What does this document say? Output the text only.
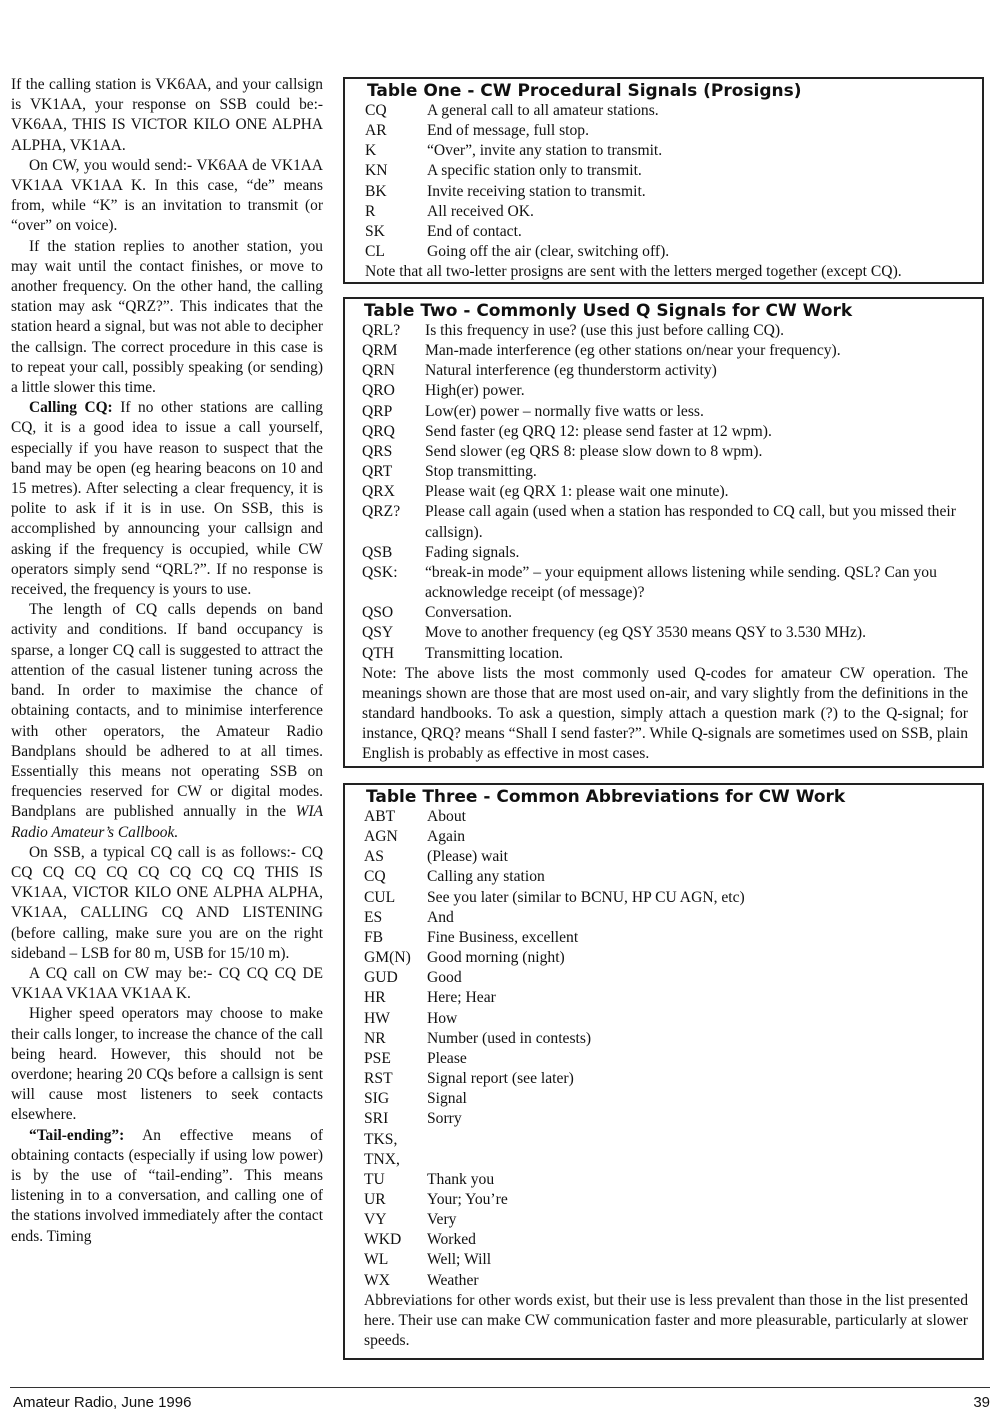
If the calling station is VK6AA, and your callsign is VK1AA, your response on SSB could be:- VK6AA, THIS IS VICTOR KILO ONE ALPHA ALPHA, VK1AA.

On CW, you would send:- VK6AA de VK1AA VK1AA VK1AA K. In this case, “de” means from, while “K” is an invitation to transmit (or “over” on voice).

If the station replies to another station, you may wait until the contact finishes, or move to another frequency. On the other hand, the calling station may ask “QRZ?”. This indicates that the station heard a signal, but was not able to decipher the callsign. The correct procedure in this case is to repeat your call, possibly speaking (or sending) a little slower this time.

Calling CQ: If no other stations are calling CQ, it is a good idea to issue a call yourself, especially if you have reason to suspect that the band may be open (eg hearing beacons on 10 and 15 metres). After selecting a clear frequency, it is polite to ask if it is in use. On SSB, this is accomplished by announcing your callsign and asking if the frequency is occupied, while CW operators simply send “QRL?”. If no response is received, the frequency is yours to use.

The length of CQ calls depends on band activity and conditions. If band occupancy is sparse, a longer CQ call is suggested to attract the attention of the casual listener tuning across the band. In order to maximise the chance of obtaining contacts, and to minimise interference with other operators, the Amateur Radio Bandplans should be adhered to at all times. Essentially this means not operating SSB on frequencies reserved for CW or digital modes. Bandplans are published annually in the WIA Radio Amateur’s Callbook.

On SSB, a typical CQ call is as follows:- CQ CQ CQ CQ CQ CQ CQ CQ CQ THIS IS VK1AA, VICTOR KILO ONE ALPHA ALPHA, VK1AA, CALLING CQ AND LISTENING (before calling, make sure you are on the right sideband – LSB for 80 m, USB for 15/10 m).

A CQ call on CW may be:- CQ CQ CQ DE VK1AA VK1AA VK1AA K.

Higher speed operators may choose to make their calls longer, to increase the chance of the call being heard. However, this should not be overdone; hearing 20 CQs before a callsign is sent will cause most listeners to seek contacts elsewhere.

“Tail-ending”: An effective means of obtaining contacts (especially if using low power) is by the use of “tail-ending”. This means listening in to a conversation, and calling one of the stations involved immediately after the contact ends. Timing

Table One - CW Procedural Signals (Prosigns)
CQ	A general call to all amateur stations.
AR	End of message, full stop.
K	“Over”, invite any station to transmit.
KN	A specific station only to transmit.
BK	Invite receiving station to transmit.
R	All received OK.
SK	End of contact.
CL	Going off the air (clear, switching off).
Note that all two-letter prosigns are sent with the letters merged together (except CQ).
Table Two - Commonly Used Q Signals for CW Work
QRL?	Is this frequency in use? (use this just before calling CQ).
QRM	Man-made interference (eg other stations on/near your frequency).
QRN	Natural interference (eg thunderstorm activity)
QRO	High(er) power.
QRP	Low(er) power – normally five watts or less.
QRQ	Send faster (eg QRQ 12: please send faster at 12 wpm).
QRS	Send slower (eg QRS 8: please slow down to 8 wpm).
QRT	Stop transmitting.
QRX	Please wait (eg QRX 1: please wait one minute).
QRZ?	Please call again (used when a station has responded to CQ call, but you missed their callsign).
QSB	Fading signals.
QSK:	“break-in mode” – your equipment allows listening while sending. QSL? Can you acknowledge receipt (of message)?
QSO	Conversation.
QSY	Move to another frequency (eg QSY 3530 means QSY to 3.530 MHz).
QTH	Transmitting location.
Note: The above lists the most commonly used Q-codes for amateur CW operation. The meanings shown are those that are most used on-air, and vary slightly from the definitions in the standard handbooks. To ask a question, simply attach a question mark (?) to the Q-signal; for instance, QRQ? means “Shall I send faster?”. While Q-signals are sometimes used on SSB, plain English is probably as effective in most cases.
Table Three - Common Abbreviations for CW Work
ABT	About
AGN	Again
AS	(Please) wait
CQ	Calling any station
CUL	See you later (similar to BCNU, HP CU AGN, etc)
ES	And
FB	Fine Business, excellent
GM(N)	Good morning (night)
GUD	Good
HR	Here; Hear
HW	How
NR	Number (used in contests)
PSE	Please
RST	Signal report (see later)
SIG	Signal
SRI	Sorry
TKS,
TNX,
TU	Thank you
UR	Your; You’re
VY	Very
WKD	Worked
WL	Well; Will
WX	Weather
Abbreviations for other words exist, but their use is less prevalent than those in the list presented here. Their use can make CW communication faster and more pleasurable, particularly at slower speeds.
Amateur Radio, June 1996	39
